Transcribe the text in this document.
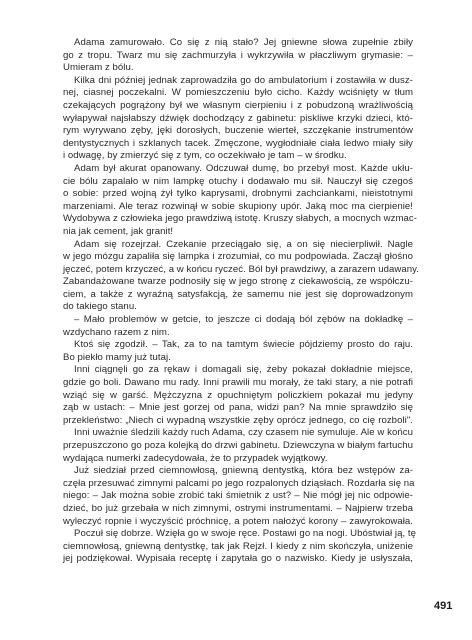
Adama zamurowało. Co się z nią stało? Jej gniewne słowa zupełnie zbiły
go z tropu. Twarz mu się zachmurzyła i wykrzywiła w płaczliwym grymasie: –
Umieram z bólu.
Kilka dni później jednak zaprowadziła go do ambulatorium i zostawiła w dusz-
nej, ciasnej poczekalni. W pomieszczeniu było cicho. Każdy wciśnięty w tłum
czekających pogrążony był we własnym cierpieniu i z pobudzoną wrażliwością
wyłapywał najsłabszy dźwięk dochodzący z gabinetu: piskliwe krzyki dzieci, któ-
rym wyrywano zęby, jęki dorosłych, buczenie wierteł, szczękanie instrumentów
dentystycznych i szklanych tacek. Zmęczone, wygłodniałe ciała ledwo miały siły
i odwagę, by zmierzyć się z tym, co oczekiwało je tam – w środku.
Adam był akurat opanowany. Odczuwał dumę, bo przebył most. Każde ukłu-
cie bólu zapalało w nim lampkę otuchy i dodawało mu sił. Nauczył się czegoś
o sobie: przed wojną żył tylko kaprysami, drobnymi zachciankami, nieistotnymi
marzeniami. Ale teraz rozwinął w sobie skupiony upór. Jaką moc ma cierpienie!
Wydobywa z człowieka jego prawdziwą istotę. Kruszy słabych, a mocnych wzmac-
nia jak cement, jak granit!
Adam się rozejrzał. Czekanie przeciągało się, a on się niecierpliwił. Nagle
w jego mózgu zapaliła się lampka i zrozumiał, co mu podpowiada. Zaczął głośno
jęczeć, potem krzyczeć, a w końcu ryczeć. Ból był prawdziwy, a zarazem udawany.
Zabandażowane twarze podnosiły się w jego stronę z ciekawością, ze współczu-
ciem, a także z wyraźną satysfakcją, że samemu nie jest się doprowadzonym
do takiego stanu.
– Mało problemów w getcie, to jeszcze ci dodają ból zębów na dokładkę –
wzdychano razem z nim.
Ktoś się zgodził. – Tak, za to na tamtym świecie pójdziemy prosto do raju.
Bo piekło mamy już tutaj.
Inni ciągnęli go za rękaw i domagali się, żeby pokazał dokładnie miejsce,
gdzie go boli. Dawano mu rady. Inni prawili mu morały, że taki stary, a nie potrafi
wziąć się w garść. Mężczyzna z opuchniętym policzkiem pokazał mu jedyny
ząb w ustach: – Mnie jest gorzej od pana, widzi pan? Na mnie sprawdziło się
przekleństwo: „Niech ci wypadną wszystkie zęby oprócz jednego, co cię rozboli".
Inni uważnie śledzili każdy ruch Adama, czy czasem nie symuluje. Ale w końcu
przepuszczono go poza kolejką do drzwi gabinetu. Dziewczyna w białym fartuchu
wydająca numerki zadecydowała, że to przypadek wyjątkowy.
Już siedział przed ciemnowłosą, gniewną dentystką, która bez wstępów za-
częła przesuwać zimnymi palcami po jego rozpalonych dziąsłach. Rozdarła się na
niego: – Jak można sobie zrobić taki śmietnik z ust? – Nie mógł jej nic odpowie-
dzieć, bo już grzebała w nich zimnymi, ostrymi instrumentami. – Najpierw trzeba
wyleczyć ropnie i wyczyścić próchnicę, a potem nałożyć korony – zawyrokowała.
Poczuł się dobrze. Wzięła go w swoje ręce. Postawi go na nogi. Ubóstwiał ją, tę
ciemnowłosą, gniewną dentystkę, tak jak Rejzł. I kiedy z nim skończyła, uniżenie
jej podziękował. Wypisała receptę i zapytała go o nazwisko. Kiedy je usłyszała,
491
